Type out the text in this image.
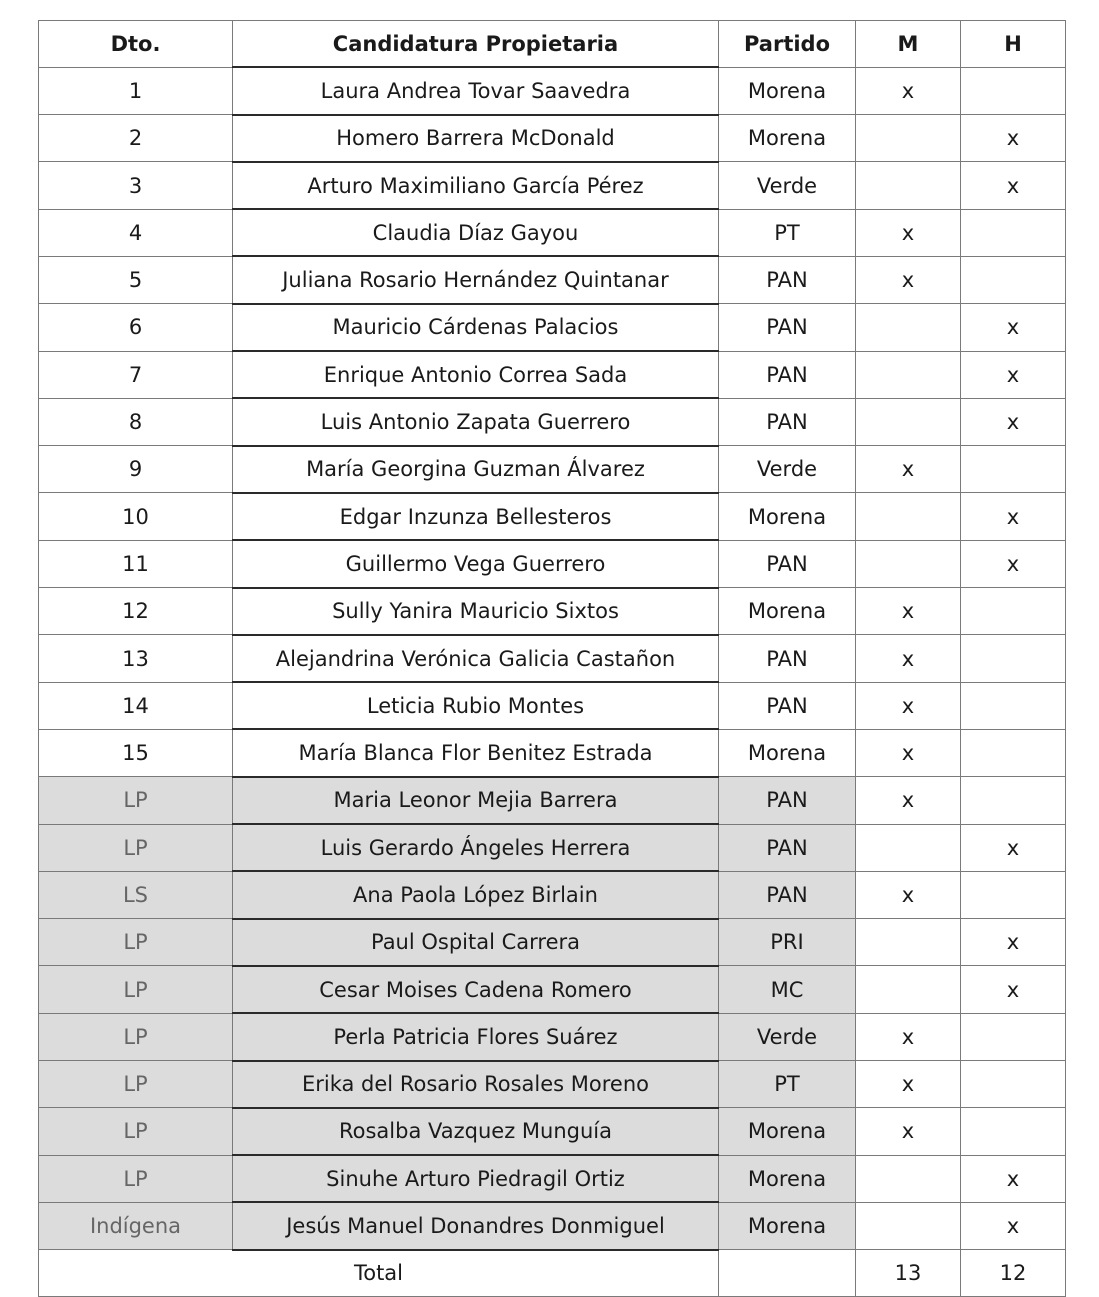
Dto.	Candidatura Propietaria	Partido	M	H
1	Laura Andrea Tovar Saavedra	Morena	x	
2	Homero Barrera McDonald	Morena		x
3	Arturo Maximiliano García Pérez	Verde		x
4	Claudia Díaz Gayou	PT	x	
5	Juliana Rosario Hernández Quintanar	PAN	x	
6	Mauricio Cárdenas Palacios	PAN		x
7	Enrique Antonio Correa Sada	PAN		x
8	Luis Antonio Zapata Guerrero	PAN		x
9	María Georgina Guzman Álvarez	Verde	x	
10	Edgar Inzunza Bellesteros	Morena		x
11	Guillermo Vega Guerrero	PAN		x
12	Sully Yanira Mauricio Sixtos	Morena	x	
13	Alejandrina Verónica Galicia Castañon	PAN	x	
14	Leticia Rubio Montes	PAN	x	
15	María Blanca Flor Benitez Estrada	Morena	x	
LP	Maria Leonor Mejia Barrera	PAN	x	
LP	Luis Gerardo Ángeles Herrera	PAN		x
LS	Ana Paola López Birlain	PAN	x	
LP	Paul Ospital Carrera	PRI		x
LP	Cesar Moises Cadena Romero	MC		x
LP	Perla Patricia Flores Suárez	Verde	x	
LP	Erika del Rosario Rosales Moreno	PT	x	
LP	Rosalba Vazquez Munguía	Morena	x	
LP	Sinuhe Arturo Piedragil Ortiz	Morena		x
Indígena	Jesús Manuel Donandres Donmiguel	Morena		x
Total			13	12
